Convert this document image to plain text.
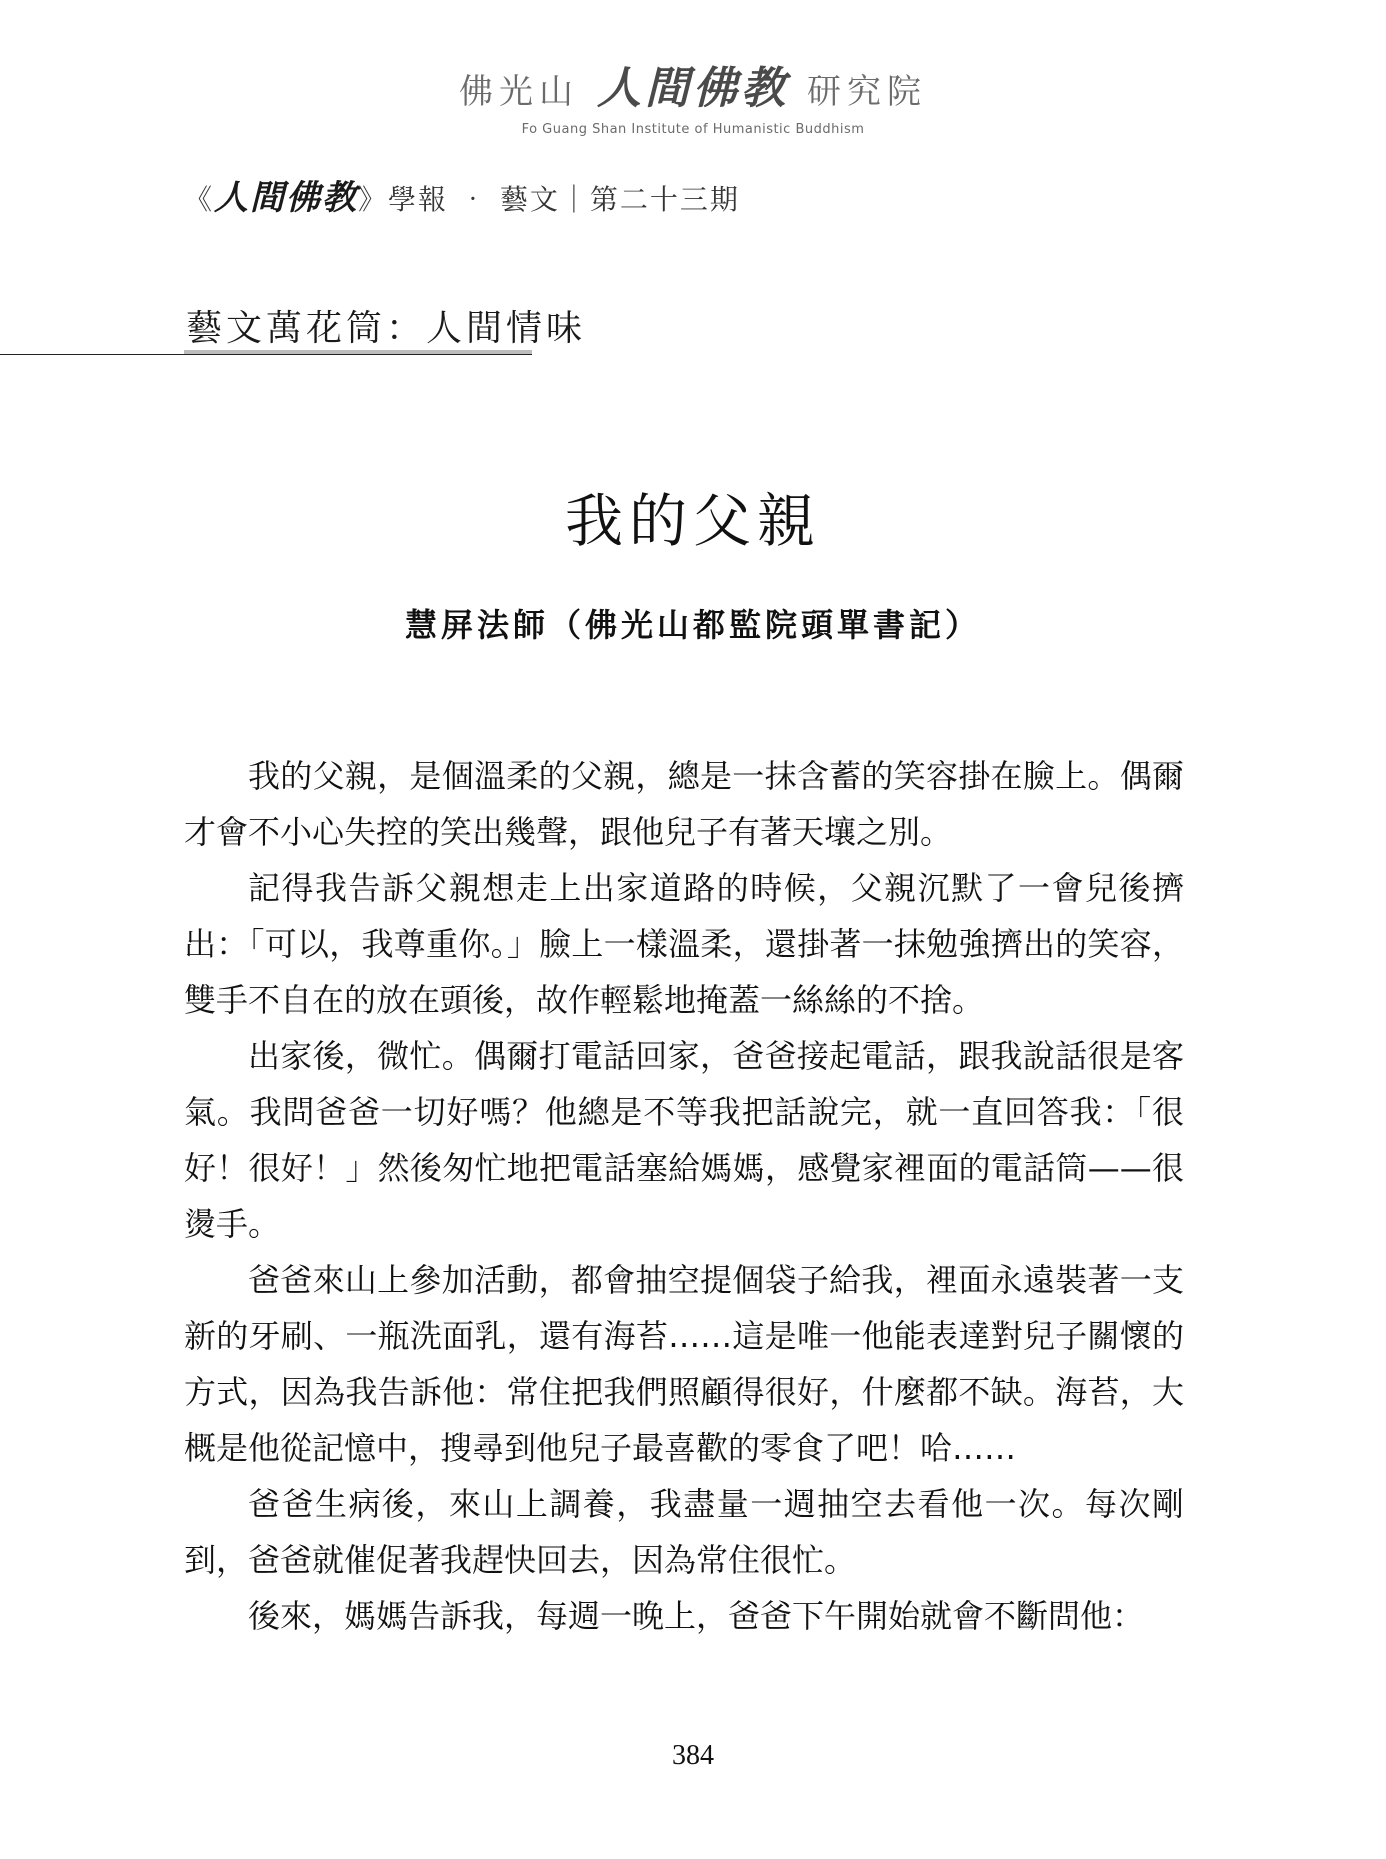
佛光山 人間佛教 研究院
Fo Guang Shan Institute of Humanistic Buddhism
《人間佛教》學報 ‧ 藝文｜第二十三期
藝文萬花筒：人間情味
我的父親
慧屏法師（佛光山都監院頭單書記）

我的父親，是個溫柔的父親，總是一抹含蓄的笑容掛在臉上。偶爾才會不小心失控的笑出幾聲，跟他兒子有著天壤之別。

記得我告訴父親想走上出家道路的時候，父親沉默了一會兒後擠出：「可以，我尊重你。」臉上一樣溫柔，還掛著一抹勉強擠出的笑容，雙手不自在的放在頭後，故作輕鬆地掩蓋一絲絲的不捨。

出家後，微忙。偶爾打電話回家，爸爸接起電話，跟我說話很是客氣。我問爸爸一切好嗎？他總是不等我把話說完，就一直回答我：「很好！很好！」然後匆忙地把電話塞給媽媽，感覺家裡面的電話筒——很燙手。

爸爸來山上參加活動，都會抽空提個袋子給我，裡面永遠裝著一支新的牙刷、一瓶洗面乳，還有海苔……這是唯一他能表達對兒子關懷的方式，因為我告訴他：常住把我們照顧得很好，什麼都不缺。海苔，大概是他從記憶中，搜尋到他兒子最喜歡的零食了吧！哈……

爸爸生病後，來山上調養，我盡量一週抽空去看他一次。每次剛到，爸爸就催促著我趕快回去，因為常住很忙。

後來，媽媽告訴我，每週一晚上，爸爸下午開始就會不斷問他：

384
